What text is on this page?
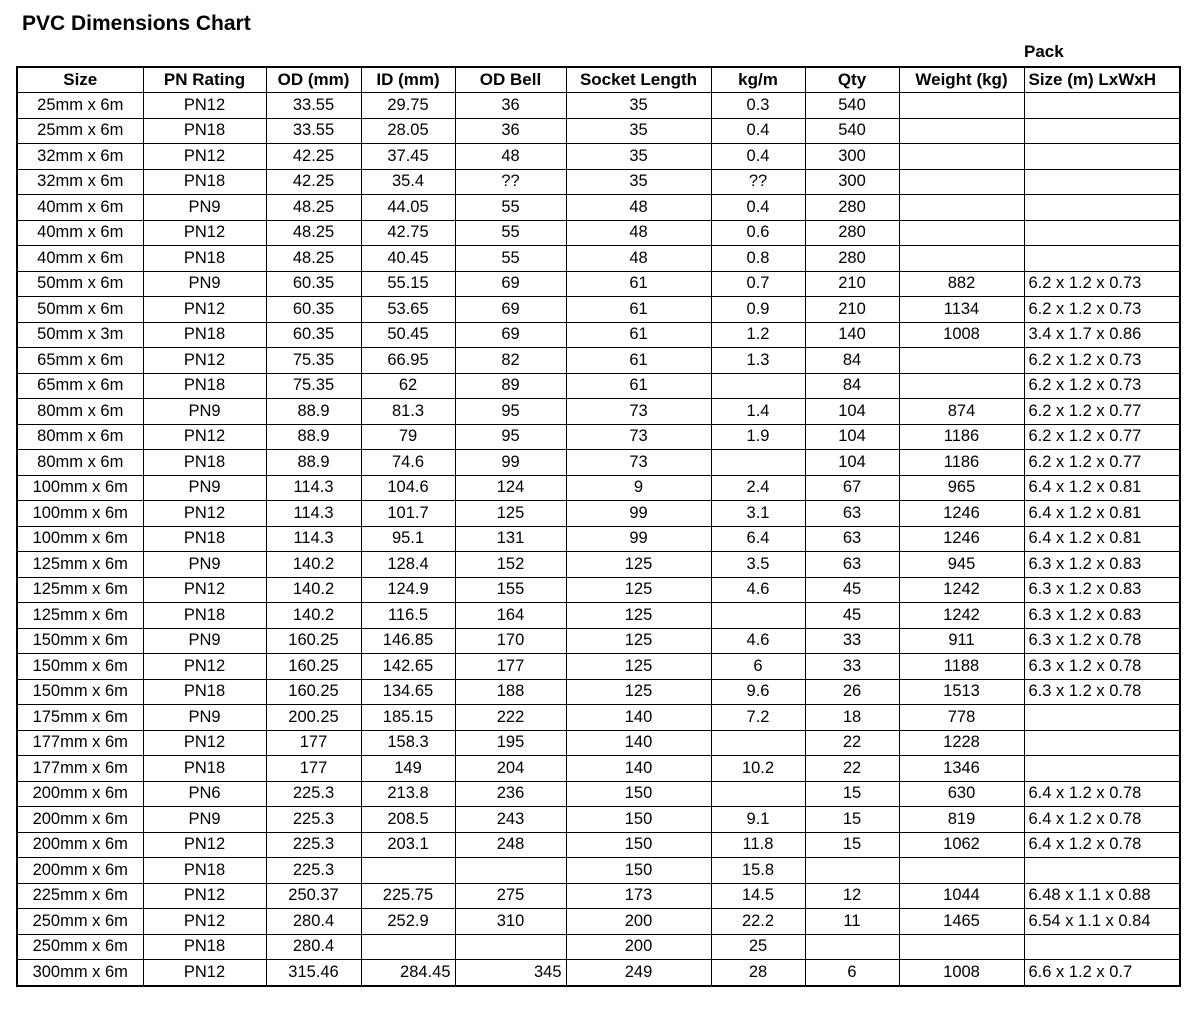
PVC Dimensions Chart
Pack
Size	PN Rating	OD (mm)	ID (mm)	OD Bell	Socket Length	kg/m	Qty	Weight (kg)	Size (m) LxWxH
25mm x 6m	PN12	33.55	29.75	36	35	0.3	540		
25mm x 6m	PN18	33.55	28.05	36	35	0.4	540		
32mm x 6m	PN12	42.25	37.45	48	35	0.4	300		
32mm x 6m	PN18	42.25	35.4	??	35	??	300		
40mm x 6m	PN9	48.25	44.05	55	48	0.4	280		
40mm x 6m	PN12	48.25	42.75	55	48	0.6	280		
40mm x 6m	PN18	48.25	40.45	55	48	0.8	280		
50mm x 6m	PN9	60.35	55.15	69	61	0.7	210	882	6.2 x 1.2 x 0.73
50mm x 6m	PN12	60.35	53.65	69	61	0.9	210	1134	6.2 x 1.2 x 0.73
50mm x 3m	PN18	60.35	50.45	69	61	1.2	140	1008	3.4 x 1.7 x 0.86
65mm x 6m	PN12	75.35	66.95	82	61	1.3	84		6.2 x 1.2 x 0.73
65mm x 6m	PN18	75.35	62	89	61		84		6.2 x 1.2 x 0.73
80mm x 6m	PN9	88.9	81.3	95	73	1.4	104	874	6.2 x 1.2 x 0.77
80mm x 6m	PN12	88.9	79	95	73	1.9	104	1186	6.2 x 1.2 x 0.77
80mm x 6m	PN18	88.9	74.6	99	73		104	1186	6.2 x 1.2 x 0.77
100mm x 6m	PN9	114.3	104.6	124	9	2.4	67	965	6.4 x 1.2 x 0.81
100mm x 6m	PN12	114.3	101.7	125	99	3.1	63	1246	6.4 x 1.2 x 0.81
100mm x 6m	PN18	114.3	95.1	131	99	6.4	63	1246	6.4 x 1.2 x 0.81
125mm x 6m	PN9	140.2	128.4	152	125	3.5	63	945	6.3 x 1.2 x 0.83
125mm x 6m	PN12	140.2	124.9	155	125	4.6	45	1242	6.3 x 1.2 x 0.83
125mm x 6m	PN18	140.2	116.5	164	125		45	1242	6.3 x 1.2 x 0.83
150mm x 6m	PN9	160.25	146.85	170	125	4.6	33	911	6.3 x 1.2 x 0.78
150mm x 6m	PN12	160.25	142.65	177	125	6	33	1188	6.3 x 1.2 x 0.78
150mm x 6m	PN18	160.25	134.65	188	125	9.6	26	1513	6.3 x 1.2 x 0.78
175mm x 6m	PN9	200.25	185.15	222	140	7.2	18	778	
177mm x 6m	PN12	177	158.3	195	140		22	1228	
177mm x 6m	PN18	177	149	204	140	10.2	22	1346	
200mm x 6m	PN6	225.3	213.8	236	150		15	630	6.4 x 1.2 x 0.78
200mm x 6m	PN9	225.3	208.5	243	150	9.1	15	819	6.4 x 1.2 x 0.78
200mm x 6m	PN12	225.3	203.1	248	150	11.8	15	1062	6.4 x 1.2 x 0.78
200mm x 6m	PN18	225.3			150	15.8			
225mm x 6m	PN12	250.37	225.75	275	173	14.5	12	1044	6.48 x 1.1 x 0.88
250mm x 6m	PN12	280.4	252.9	310	200	22.2	11	1465	6.54 x 1.1 x 0.84
250mm x 6m	PN18	280.4			200	25			
300mm x 6m	PN12	315.46	284.45	345	249	28	6	1008	6.6 x 1.2 x 0.7
